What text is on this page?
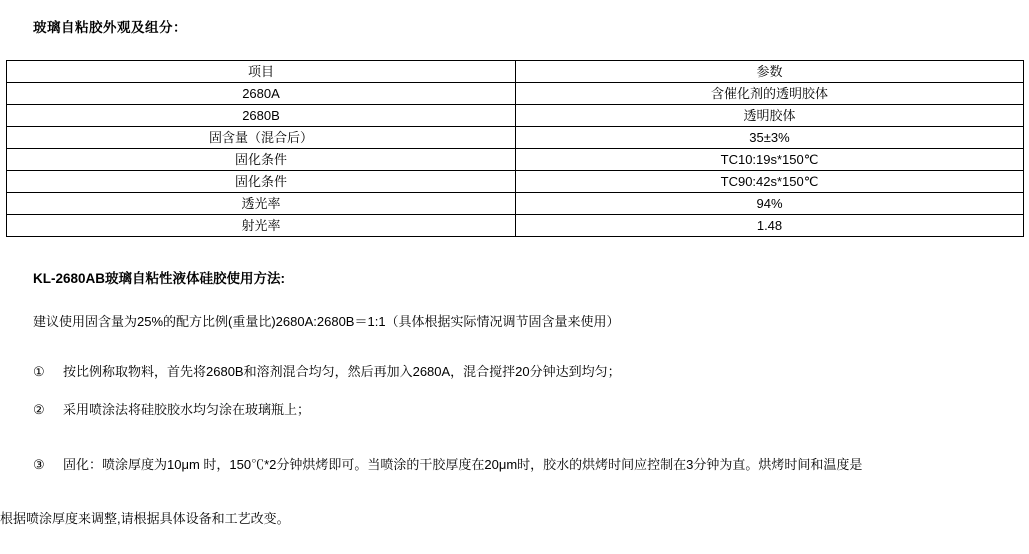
玻璃自粘胶外观及组分：
项目	参数
2680A	含催化剂的透明胶体
2680B	透明胶体
固含量（混合后）	35±3%
固化条件	TC10:19s*150℃
固化条件	TC90:42s*150℃
透光率	94%
射光率	1.48
KL-2680AB玻璃自粘性液体硅胶使用方法:
建议使用固含量为25%的配方比例(重量比)2680A:2680B＝1:1（具体根据实际情况调节固含量来使用）
① 按比例称取物料，首先将2680B和溶剂混合均匀，然后再加入2680A，混合搅拌20分钟达到均匀；
② 采用喷涂法将硅胶胶水均匀涂在玻璃瓶上；
③ 固化：喷涂厚度为10μm 时，150℃*2分钟烘烤即可。当喷涂的干胶厚度在20μm时，胶水的烘烤时间应控制在3分钟为直。烘烤时间和温度是
根据喷涂厚度来调整,请根据具体设备和工艺改变。
